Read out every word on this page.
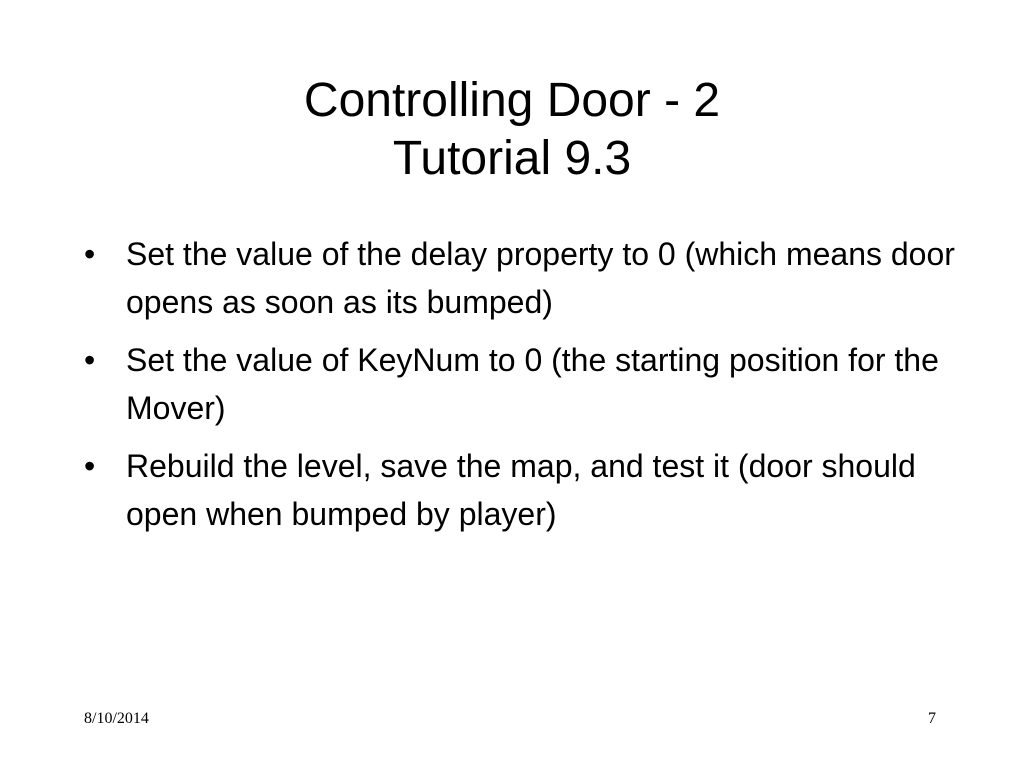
Controlling Door - 2
Tutorial 9.3
• Set the value of the delay property to 0 (which means door opens as soon as its bumped)
• Set the value of KeyNum to 0 (the starting position for the Mover)
• Rebuild the level, save the map, and test it (door should open when bumped by player)
8/10/2014	7
